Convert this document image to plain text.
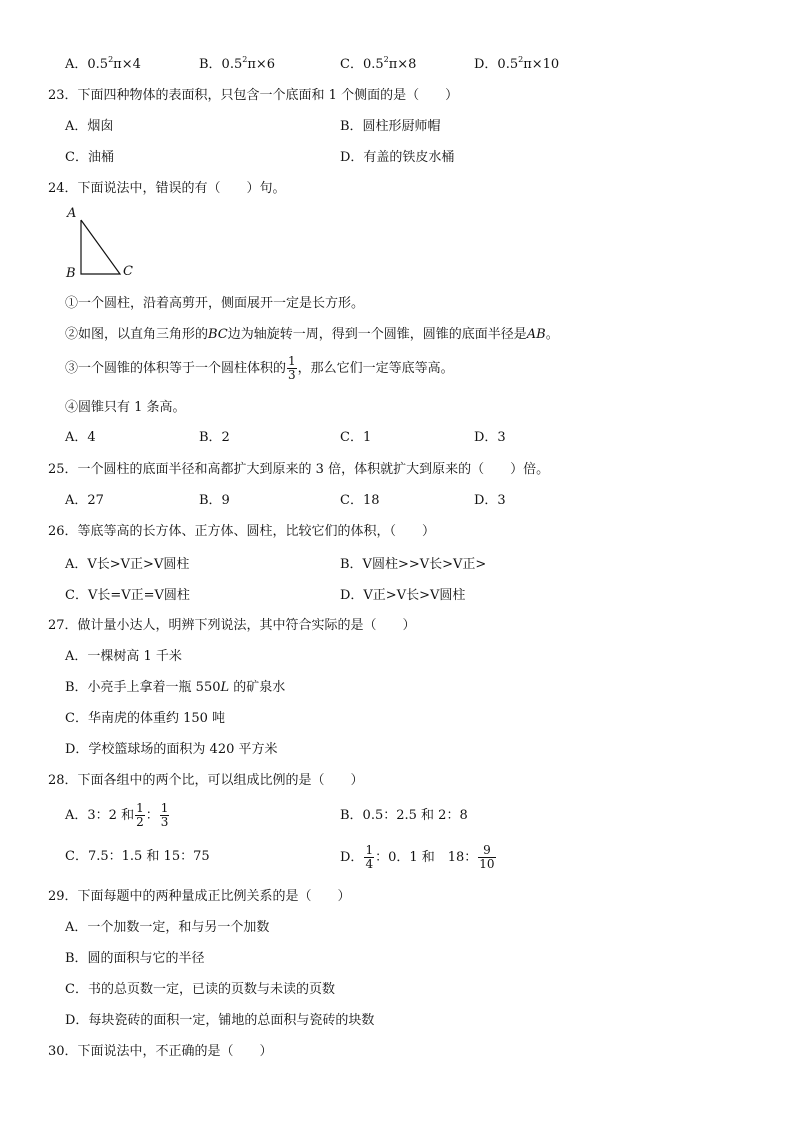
A．$0.5^2\pi\times 4$	B．$0.5^2\pi\times 6$	C．$0.5^2\pi\times 8$	D．$0.5^2\pi\times 10$
23．下面四种物体的表面积，只包含一个底面和 1 个侧面的是（　　）
A．烟囱	B．圆柱形厨师帽
C．油桶	D．有盖的铁皮水桶
24．下面说法中，错误的有（　　）句。
A
B	C
①一个圆柱，沿着高剪开，侧面展开一定是长方形。
②如图，以直角三角形的BC边为轴旋转一周，得到一个圆锥，圆锥的底面半径是AB。
③一个圆锥的体积等于一个圆柱体积的 $\frac{1}{3}$ ，那么它们一定等底等高。
④圆锥只有 1 条高。
A．4	B．2	C．1	D．3
25．一个圆柱的底面半径和高都扩大到原来的 3 倍，体积就扩大到原来的（　　）倍。
A．27	B．9	C．18	D．3
26．等底等高的长方体、正方体、圆柱，比较它们的体积，（　　）
A．V长>V正>V圆柱	B．V圆柱>>V长>V正>
C．V长=V正=V圆柱	D．V正>V长>V圆柱
27．做计量小达人，明辨下列说法，其中符合实际的是（　　）
A．一棵树高 1 千米
B．小亮手上拿着一瓶 550L 的矿泉水
C．华南虎的体重约 150 吨
D．学校篮球场的面积为 420 平方米
28．下面各组中的两个比，可以组成比例的是（　　）
A．3：2 和 $\frac{1}{2}$ ： $\frac{1}{3}$	B．0.5：2.5 和 2：8
C．7.5：1.5 和 15：75	D． $\frac{1}{4}$ ：0．1 和　18： $\frac{9}{10}$
29．下面每题中的两种量成正比例关系的是（　　）
A．一个加数一定，和与另一个加数
B．圆的面积与它的半径
C．书的总页数一定，已读的页数与未读的页数
D．每块瓷砖的面积一定，铺地的总面积与瓷砖的块数
30．下面说法中，不正确的是（　　）
